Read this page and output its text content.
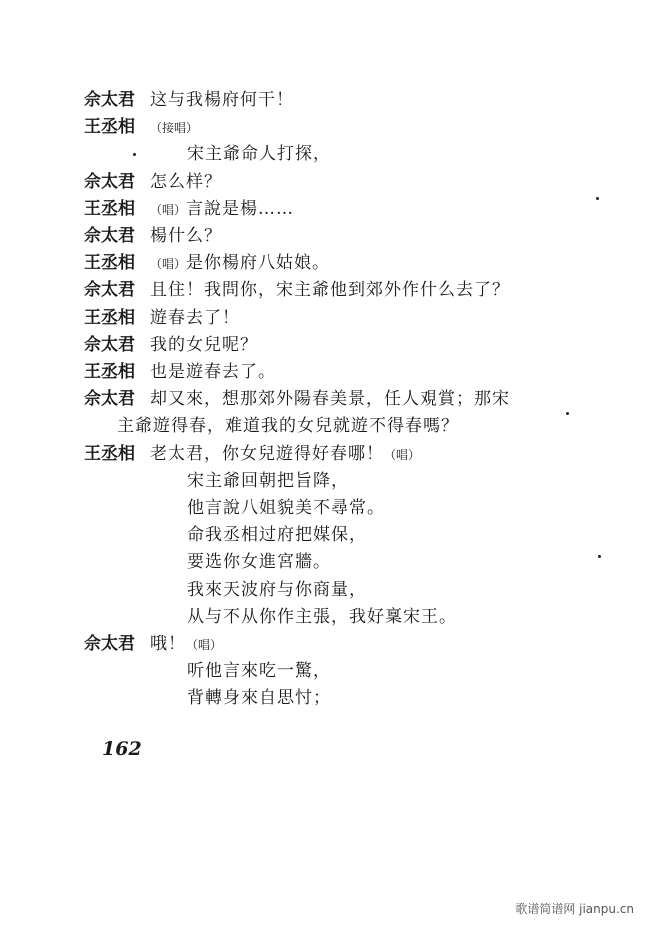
佘太君 这与我楊府何干！
王丞相 （接唱）
宋主爺命人打探，
佘太君 怎么样？
王丞相 （唱）言說是楊……
佘太君 楊什么？
王丞相 （唱）是你楊府八姑娘。
佘太君 且住！我問你，宋主爺他到郊外作什么去了？
王丞相 遊春去了！
佘太君 我的女兒呢？
王丞相 也是遊春去了。
佘太君 却又來，想那郊外陽春美景，任人覌賞；那宋
主爺遊得春，难道我的女兒就遊不得春嗎？
王丞相 老太君，你女兒遊得好春哪！（唱）
宋主爺回朝把旨降，
他言說八姐貌美不尋常。
命我丞相过府把媒保，
要选你女進宮牆。
我來天波府与你商量，
从与不从你作主張，我好稟宋王。
佘太君 哦！（唱）
听他言來吃一驚，
背轉身來自思忖；
162
歌谱简谱网 jianpu.cn
